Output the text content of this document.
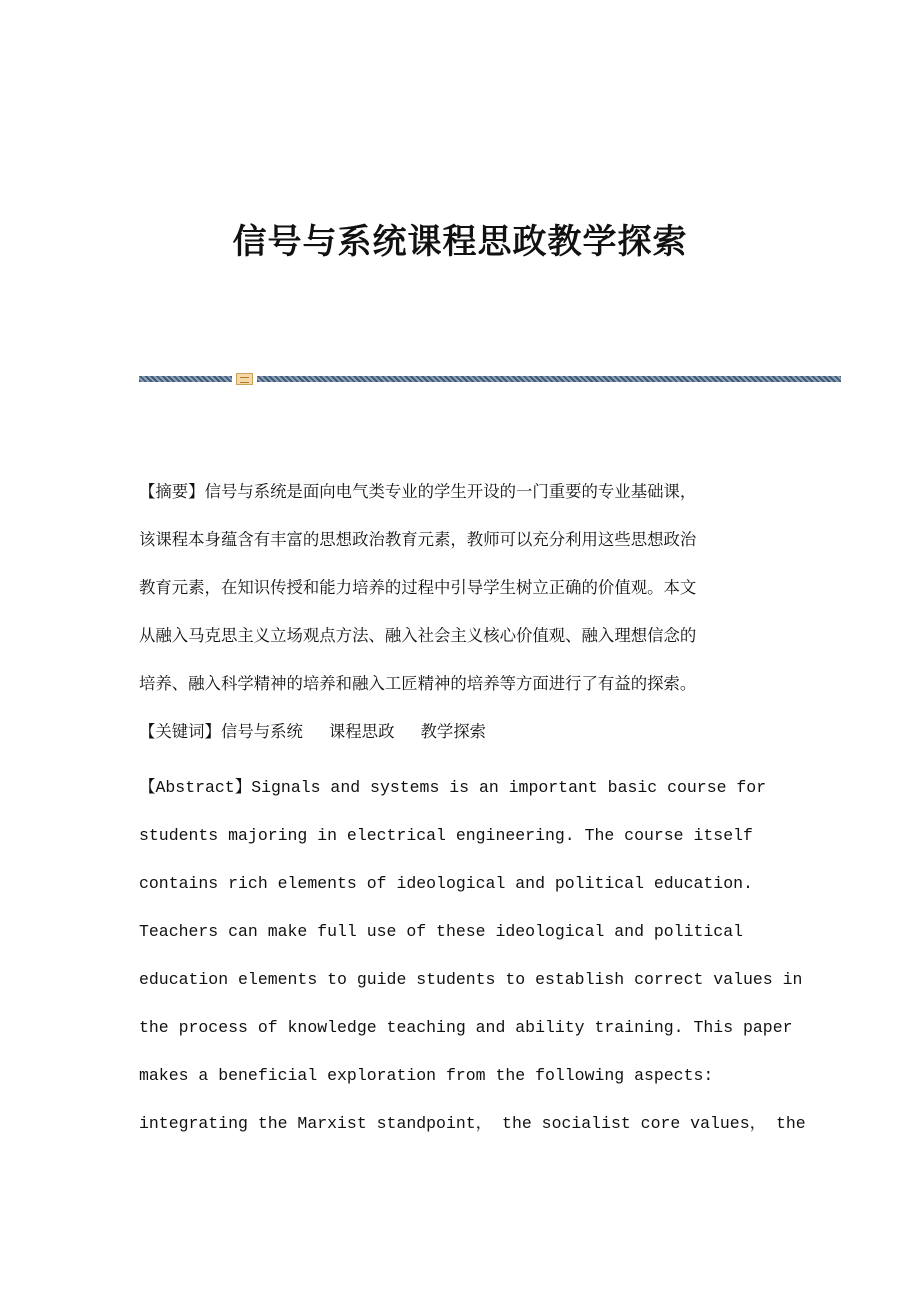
信号与系统课程思政教学探索
【摘要】信号与系统是面向电气类专业的学生开设的一门重要的专业基础课，
该课程本身蕴含有丰富的思想政治教育元素，教师可以充分利用这些思想政治
教育元素，在知识传授和能力培养的过程中引导学生树立正确的价值观。本文
从融入马克思主义立场观点方法、融入社会主义核心价值观、融入理想信念的
培养、融入科学精神的培养和融入工匠精神的培养等方面进行了有益的探索。
【关键词】信号与系统 课程思政 教学探索
【Abstract】Signals and systems is an important basic course for
students majoring in electrical engineering. The course itself
contains rich elements of ideological and political education.
Teachers can make full use of these ideological and political
education elements to guide students to establish correct values in
the process of knowledge teaching and ability training. This paper
makes a beneficial exploration from the following aspects:
integrating the Marxist standpoint， the socialist core values， the
